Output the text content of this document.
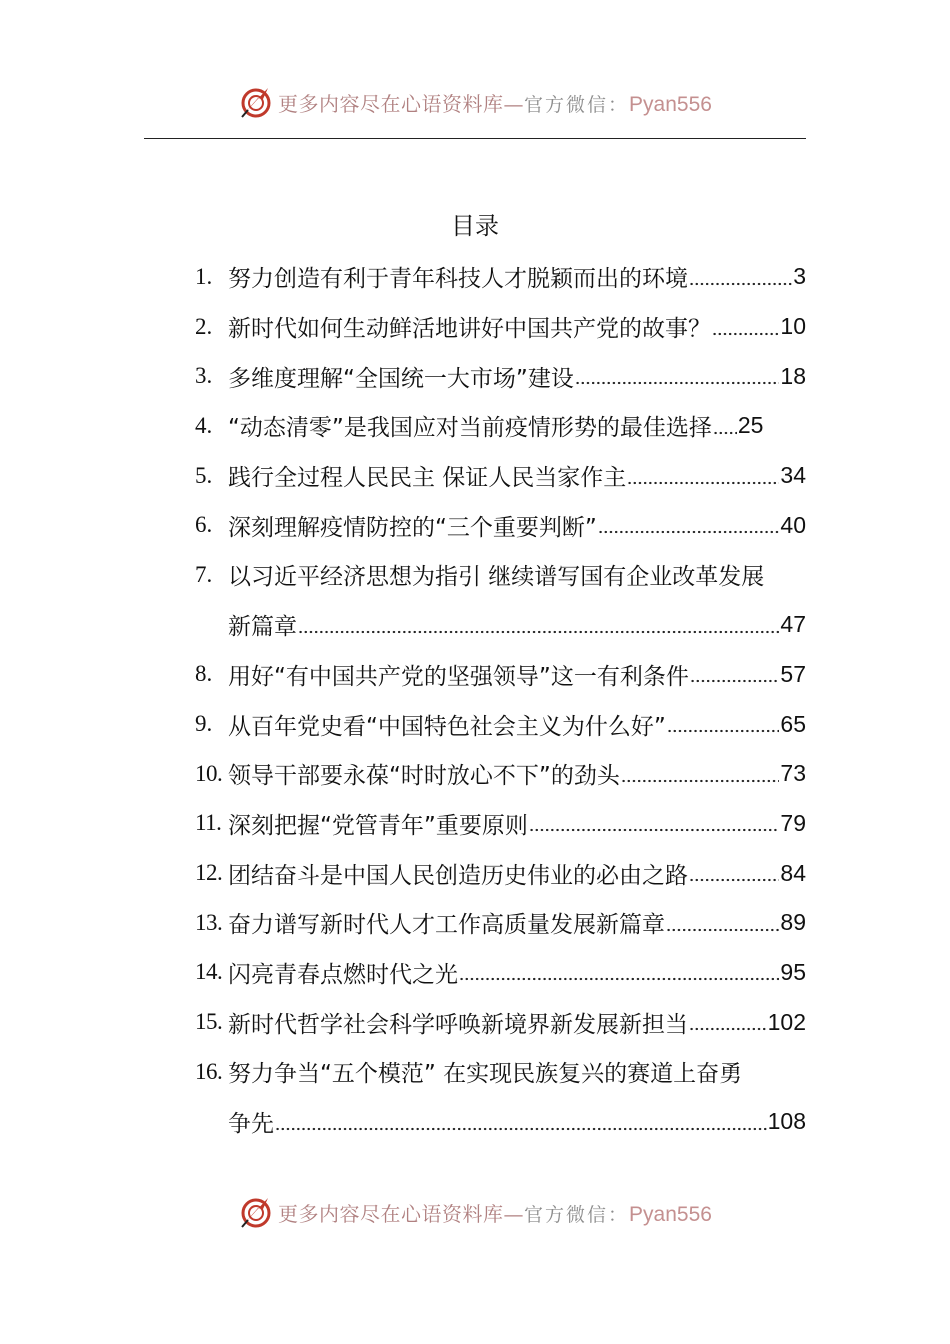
更多内容尽在心语资料库— 官方微信： Pyan556
目录
1. 努力创造有利于青年科技人才脱颖而出的环境	3
2. 新时代如何生动鲜活地讲好中国共产党的故事？	10
3. 多维度理解“全国统一大市场”建设	18
4. “动态清零”是我国应对当前疫情形势的最佳选择 25
5. 践行全过程人民民主 保证人民当家作主	34
6. 深刻理解疫情防控的“三个重要判断”	40
7. 以习近平经济思想为指引 继续谱写国有企业改革发展
新篇章	47
8. 用好“有中国共产党的坚强领导”这一有利条件	57
9. 从百年党史看“中国特色社会主义为什么好”	65
10. 领导干部要永葆“时时放心不下”的劲头	73
11. 深刻把握“党管青年”重要原则	79
12. 团结奋斗是中国人民创造历史伟业的必由之路	84
13. 奋力谱写新时代人才工作高质量发展新篇章	89
14. 闪亮青春点燃时代之光	95
15. 新时代哲学社会科学呼唤新境界新发展新担当	102
16. 努力争当“五个模范” 在实现民族复兴的赛道上奋勇
争先	108
更多内容尽在心语资料库— 官方微信： Pyan556
